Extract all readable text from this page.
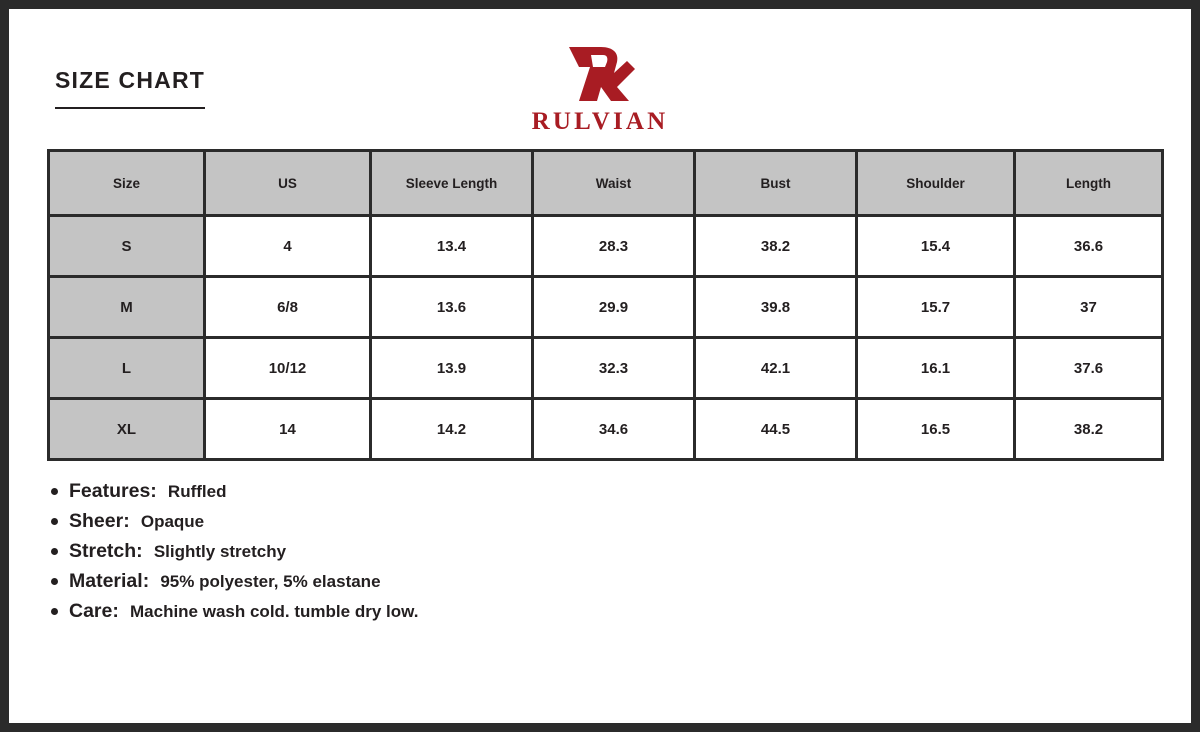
SIZE CHART
RULVIAN
Size	US	Sleeve Length	Waist	Bust	Shoulder	Length
S	4	13.4	28.3	38.2	15.4	36.6
M	6/8	13.6	29.9	39.8	15.7	37
L	10/12	13.9	32.3	42.1	16.1	37.6
XL	14	14.2	34.6	44.5	16.5	38.2
Features: Ruffled
Sheer: Opaque
Stretch: Slightly stretchy
Material: 95% polyester, 5% elastane
Care: Machine wash cold. tumble dry low.
